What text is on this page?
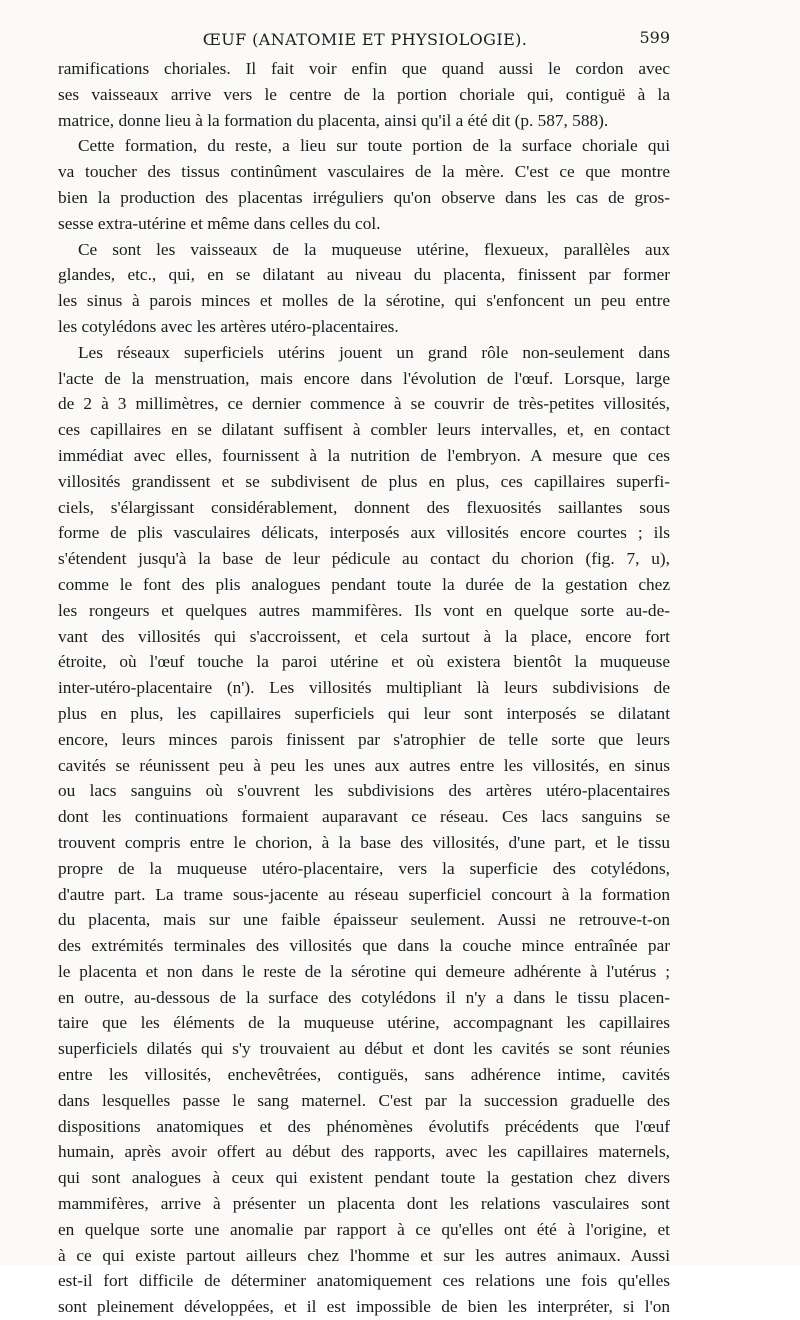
ŒUF (ANATOMIE ET PHYSIOLOGIE).	599
ramifications choriales. Il fait voir enfin que quand aussi le cordon avec
ses vaisseaux arrive vers le centre de la portion choriale qui, contiguë à la
matrice, donne lieu à la formation du placenta, ainsi qu'il a été dit (p. 587, 588).
Cette formation, du reste, a lieu sur toute portion de la surface choriale qui
va toucher des tissus continûment vasculaires de la mère. C'est ce que montre
bien la production des placentas irréguliers qu'on observe dans les cas de gros-
sesse extra-utérine et même dans celles du col.
Ce sont les vaisseaux de la muqueuse utérine, flexueux, parallèles aux
glandes, etc., qui, en se dilatant au niveau du placenta, finissent par former
les sinus à parois minces et molles de la sérotine, qui s'enfoncent un peu entre
les cotylédons avec les artères utéro-placentaires.
Les réseaux superficiels utérins jouent un grand rôle non-seulement dans
l'acte de la menstruation, mais encore dans l'évolution de l'œuf. Lorsque, large
de 2 à 3 millimètres, ce dernier commence à se couvrir de très-petites villosités,
ces capillaires en se dilatant suffisent à combler leurs intervalles, et, en contact
immédiat avec elles, fournissent à la nutrition de l'embryon. A mesure que ces
villosités grandissent et se subdivisent de plus en plus, ces capillaires superfi-
ciels, s'élargissant considérablement, donnent des flexuosités saillantes sous
forme de plis vasculaires délicats, interposés aux villosités encore courtes ; ils
s'étendent jusqu'à la base de leur pédicule au contact du chorion (fig. 7, u),
comme le font des plis analogues pendant toute la durée de la gestation chez
les rongeurs et quelques autres mammifères. Ils vont en quelque sorte au-de-
vant des villosités qui s'accroissent, et cela surtout à la place, encore fort
étroite, où l'œuf touche la paroi utérine et où existera bientôt la muqueuse
inter-utéro-placentaire (n'). Les villosités multipliant là leurs subdivisions de
plus en plus, les capillaires superficiels qui leur sont interposés se dilatant
encore, leurs minces parois finissent par s'atrophier de telle sorte que leurs
cavités se réunissent peu à peu les unes aux autres entre les villosités, en sinus
ou lacs sanguins où s'ouvrent les subdivisions des artères utéro-placentaires
dont les continuations formaient auparavant ce réseau. Ces lacs sanguins se
trouvent compris entre le chorion, à la base des villosités, d'une part, et le tissu
propre de la muqueuse utéro-placentaire, vers la superficie des cotylédons,
d'autre part. La trame sous-jacente au réseau superficiel concourt à la formation
du placenta, mais sur une faible épaisseur seulement. Aussi ne retrouve-t-on
des extrémités terminales des villosités que dans la couche mince entraînée par
le placenta et non dans le reste de la sérotine qui demeure adhérente à l'utérus ;
en outre, au-dessous de la surface des cotylédons il n'y a dans le tissu placen-
taire que les éléments de la muqueuse utérine, accompagnant les capillaires
superficiels dilatés qui s'y trouvaient au début et dont les cavités se sont réunies
entre les villosités, enchevêtrées, contiguës, sans adhérence intime, cavités
dans lesquelles passe le sang maternel. C'est par la succession graduelle des
dispositions anatomiques et des phénomènes évolutifs précédents que l'œuf
humain, après avoir offert au début des rapports, avec les capillaires maternels,
qui sont analogues à ceux qui existent pendant toute la gestation chez divers
mammifères, arrive à présenter un placenta dont les relations vasculaires sont
en quelque sorte une anomalie par rapport à ce qu'elles ont été à l'origine, et
à ce qui existe partout ailleurs chez l'homme et sur les autres animaux. Aussi
est-il fort difficile de déterminer anatomiquement ces relations une fois qu'elles
sont pleinement développées, et il est impossible de bien les interpréter, si l'on
